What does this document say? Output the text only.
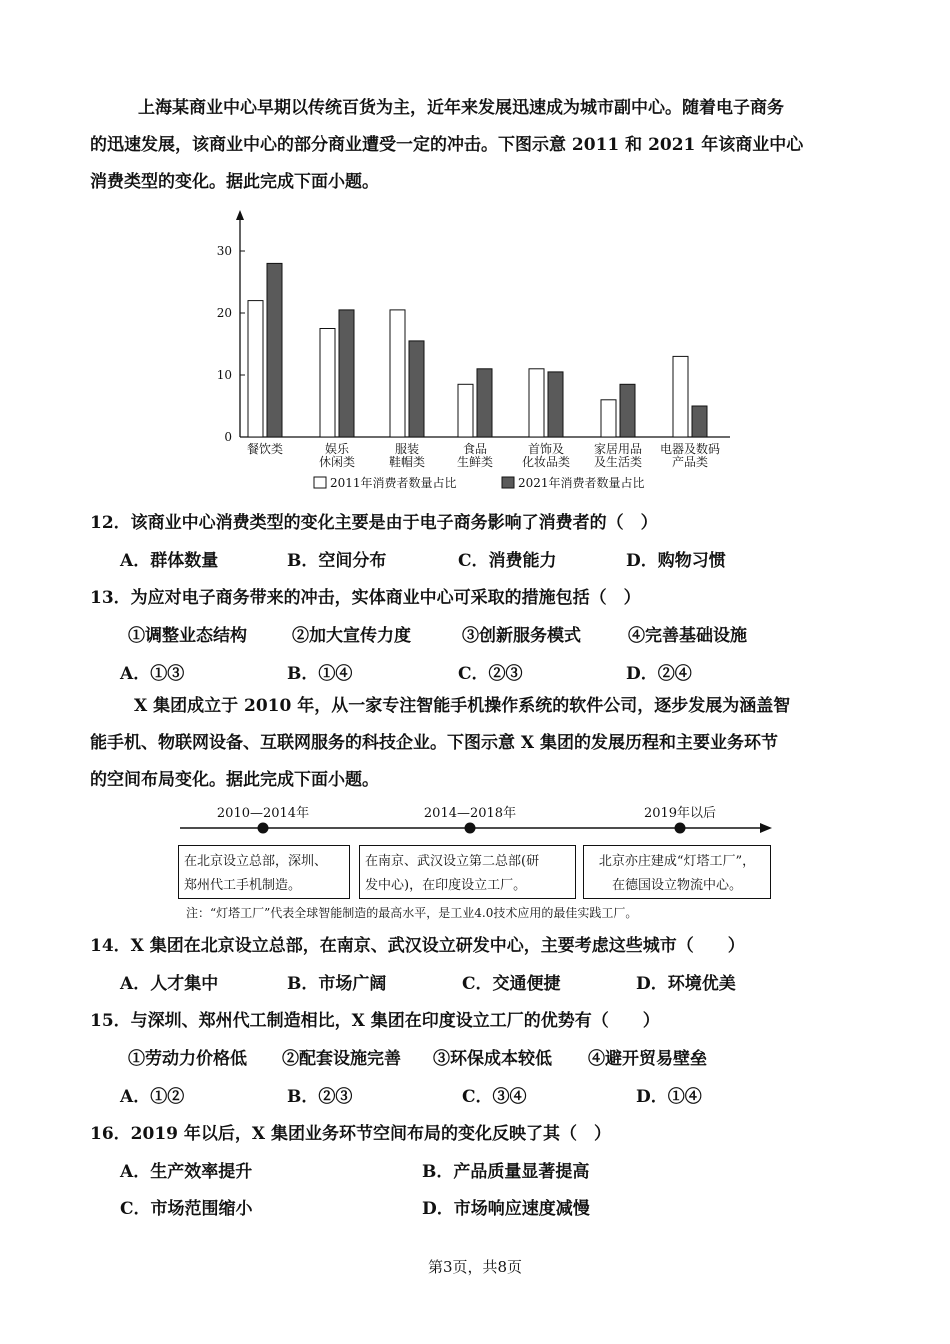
上海某商业中心早期以传统百货为主，近年来发展迅速成为城市副中心。随着电子商务
的迅速发展，该商业中心的部分商业遭受一定的冲击。下图示意 2011 和 2021 年该商业中心
消费类型的变化。据此完成下面小题。
0
10
20
30
餐饮类	娱乐
休闲类
服装
鞋帽类
食品
生鲜类
首饰及
化妆品类
家居用品
及生活类
电器及数码
产品类
2011年消费者数量占比	2021年消费者数量占比
12．该商业中心消费类型的变化主要是由于电子商务影响了消费者的（　）
A．群体数量	B．空间分布	C．消费能力	D．购物习惯
13．为应对电子商务带来的冲击，实体商业中心可采取的措施包括（　）
①调整业态结构	②加大宣传力度	③创新服务模式	④完善基础设施
A．①③	B．①④	C．②③	D．②④
X 集团成立于 2010 年，从一家专注智能手机操作系统的软件公司，逐步发展为涵盖智
能手机、物联网设备、互联网服务的科技企业。下图示意 X 集团的发展历程和主要业务环节
的空间布局变化。据此完成下面小题。
2010—2014年	2014—2018年	2019年以后
在北京设立总部，深圳、
郑州代工手机制造。
在南京、武汉设立第二总部(研
发中心)，在印度设立工厂。
北京亦庄建成“灯塔工厂”，
在德国设立物流中心。
注：“灯塔工厂”代表全球智能制造的最高水平，是工业4.0技术应用的最佳实践工厂。
14．X 集团在北京设立总部，在南京、武汉设立研发中心，主要考虑这些城市（　　）
A．人才集中	B．市场广阔	C．交通便捷	D．环境优美
15．与深圳、郑州代工制造相比，X 集团在印度设立工厂的优势有（　　）
①劳动力价格低 ②配套设施完善 ③环保成本较低 ④避开贸易壁垒
A．①②	B．②③	C．③④	D．①④
16．2019 年以后，X 集团业务环节空间布局的变化反映了其（　）
A．生产效率提升	B．产品质量显著提高
C．市场范围缩小	D．市场响应速度减慢
第3页，共8页
